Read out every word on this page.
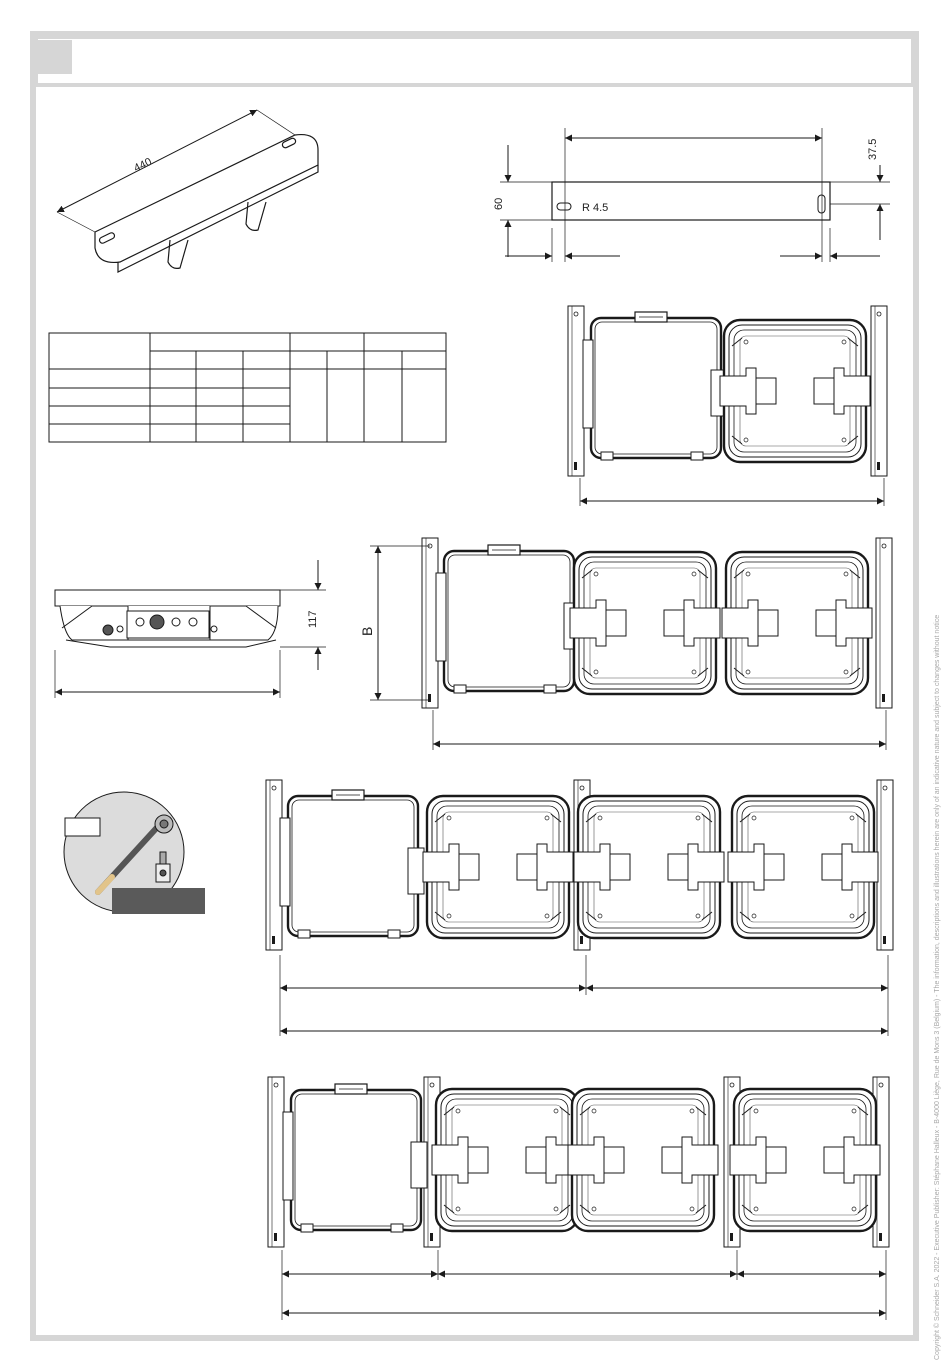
440
60
37.5
R 4.5
117
B	Copyright © Schneider S.A. 2022 - Executive Publisher: Stéphane Halleux - B-4000 Liège, Rue de Mons 3 (Belgium) - The information, descriptions and illustrations herein are only of an indicative nature and subject to changes without notice
